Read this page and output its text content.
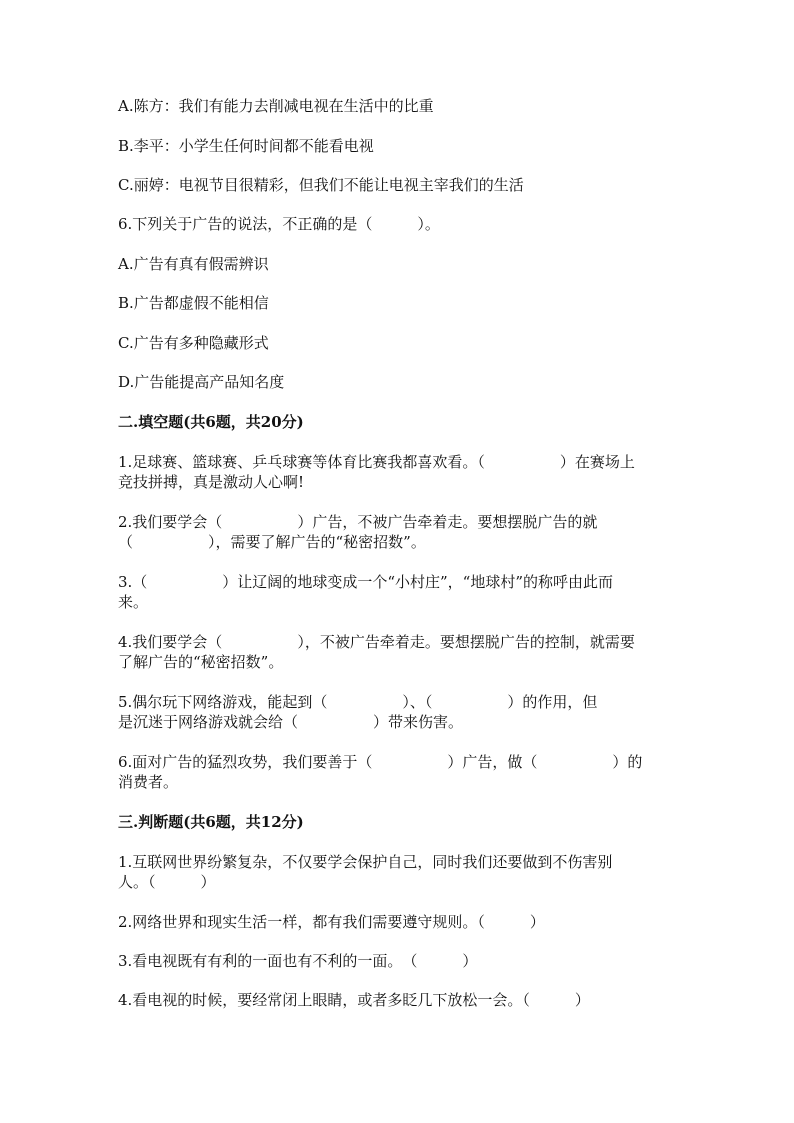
A.陈方：我们有能力去削减电视在生活中的比重
B.李平：小学生任何时间都不能看电视
C.丽婷：电视节目很精彩，但我们不能让电视主宰我们的生活
6.下列关于广告的说法，不正确的是（　　　）。
A.广告有真有假需辨识
B.广告都虚假不能相信
C.广告有多种隐藏形式
D.广告能提高产品知名度
二.填空题(共6题，共20分)
1.足球赛、篮球赛、乒乓球赛等体育比赛我都喜欢看。（　　　　　）在赛场上
竞技拼搏，真是激动人心啊!
2.我们要学会（　　　　　）广告，不被广告牵着走。要想摆脱广告的就
（　　　　　），需要了解广告的“秘密招数”。
3.（　　　　　）让辽阔的地球变成一个“小村庄”，“地球村”的称呼由此而
来。
4.我们要学会（　　　　　），不被广告牵着走。要想摆脱广告的控制，就需要
了解广告的“秘密招数”。
5.偶尔玩下网络游戏，能起到（　　　　　）、（　　　　　）的作用，但
是沉迷于网络游戏就会给（　　　　　）带来伤害。
6.面对广告的猛烈攻势，我们要善于（　　　　　）广告，做（　　　　　）的
消费者。
三.判断题(共6题，共12分)
1.互联网世界纷繁复杂，不仅要学会保护自己，同时我们还要做到不伤害别
人。（　　　）
2.网络世界和现实生活一样，都有我们需要遵守规则。（　　　）
3.看电视既有有利的一面也有不利的一面。　（　　　）
4.看电视的时候，要经常闭上眼睛，或者多眨几下放松一会。（　　　）
